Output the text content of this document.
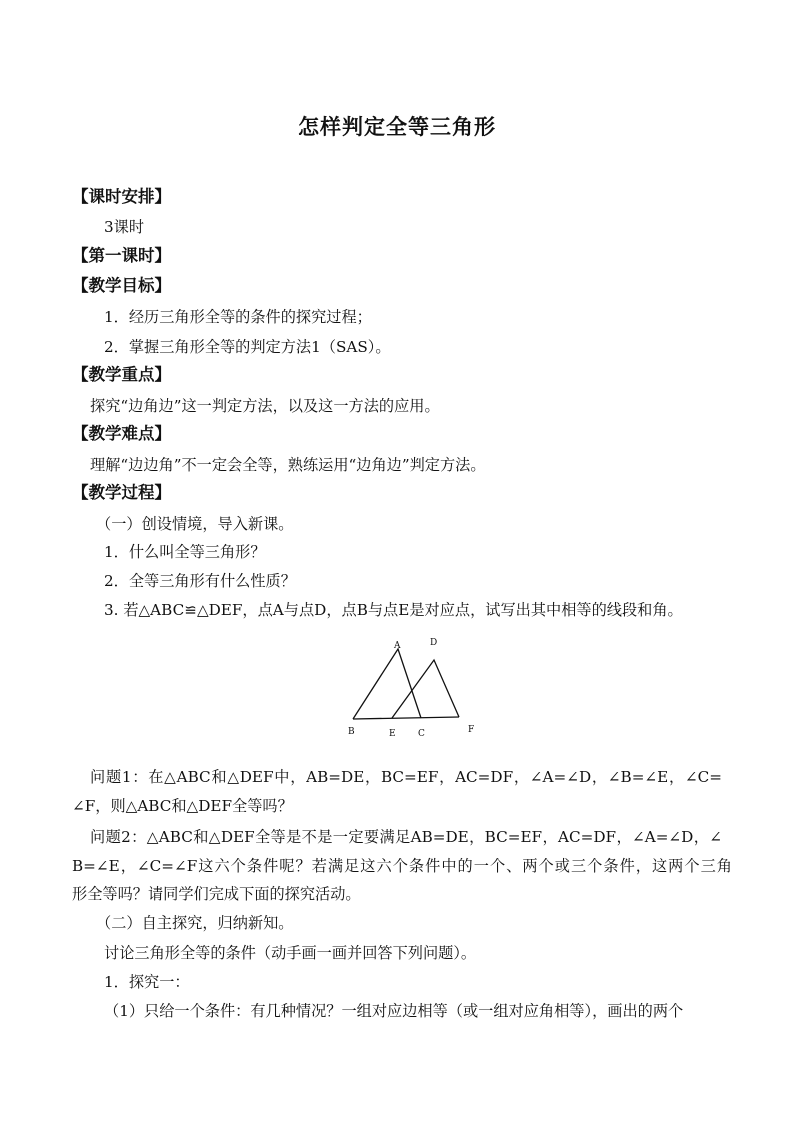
怎样判定全等三角形
【课时安排】
3课时
【第一课时】
【教学目标】
1．经历三角形全等的条件的探究过程；
2．掌握三角形全等的判定方法1（SAS）。
【教学重点】
探究“边角边”这一判定方法，以及这一方法的应用。
【教学难点】
理解“边边角”不一定会全等，熟练运用“边角边”判定方法。
【教学过程】
（一）创设情境，导入新课。
1．什么叫全等三角形？
2．全等三角形有什么性质？
3. 若△ABC≌△DEF，点A与点D，点B与点E是对应点，试写出其中相等的线段和角。
A	D
B	E C	F
问题1：在△ABC和△DEF中，AB=DE，BC=EF，AC=DF，∠A=∠D，∠B=∠E，∠C=
∠F，则△ABC和△DEF全等吗？
问题2：△ABC和△DEF全等是不是一定要满足AB=DE，BC=EF，AC=DF，∠A=∠D，∠
B=∠E，∠C=∠F这六个条件呢？若满足这六个条件中的一个、两个或三个条件，这两个三角
形全等吗？请同学们完成下面的探究活动。
（二）自主探究，归纳新知。
讨论三角形全等的条件（动手画一画并回答下列问题）。
1．探究一：
（1）只给一个条件：有几种情况？一组对应边相等（或一组对应角相等），画出的两个
